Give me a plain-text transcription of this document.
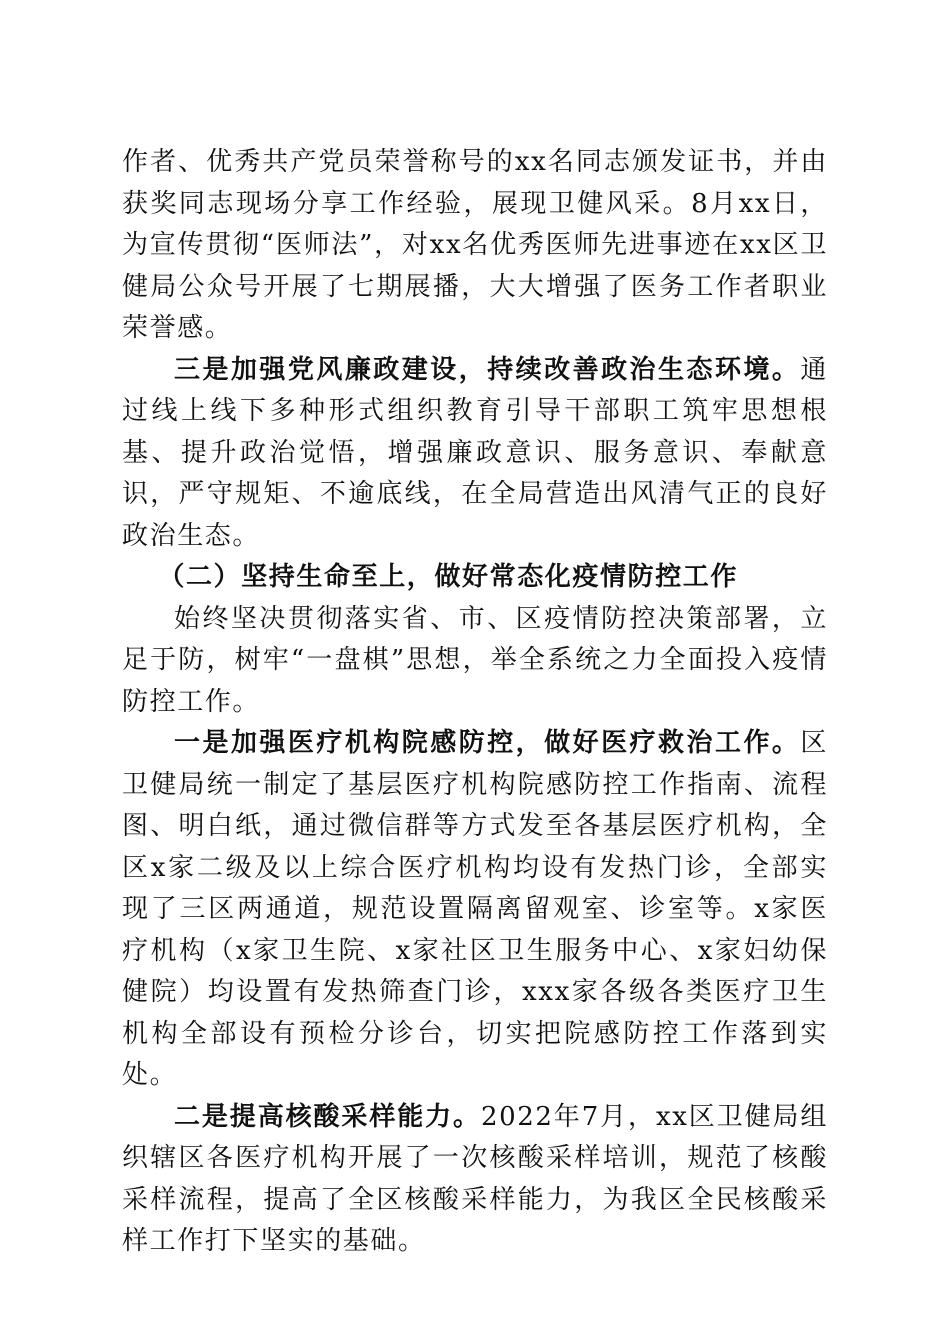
作者、优秀共产党员荣誉称号的xx名同志颁发证书，并由获奖同志现场分享工作经验，展现卫健风采。8月xx日，为宣传贯彻“医师法”，对xx名优秀医师先进事迹在xx区卫健局公众号开展了七期展播，大大增强了医务工作者职业荣誉感。

三是加强党风廉政建设，持续改善政治生态环境。通过线上线下多种形式组织教育引导干部职工筑牢思想根基、提升政治觉悟，增强廉政意识、服务意识、奉献意识，严守规矩、不逾底线，在全局营造出风清气正的良好政治生态。

（二）坚持生命至上，做好常态化疫情防控工作

始终坚决贯彻落实省、市、区疫情防控决策部署，立足于防，树牢“一盘棋”思想，举全系统之力全面投入疫情防控工作。

一是加强医疗机构院感防控，做好医疗救治工作。区卫健局统一制定了基层医疗机构院感防控工作指南、流程图、明白纸，通过微信群等方式发至各基层医疗机构，全区x家二级及以上综合医疗机构均设有发热门诊，全部实现了三区两通道，规范设置隔离留观室、诊室等。x家医疗机构（x家卫生院、x家社区卫生服务中心、x家妇幼保健院）均设置有发热筛查门诊，xxx家各级各类医疗卫生机构全部设有预检分诊台，切实把院感防控工作落到实处。

二是提高核酸采样能力。2022年7月，xx区卫健局组织辖区各医疗机构开展了一次核酸采样培训，规范了核酸采样流程，提高了全区核酸采样能力，为我区全民核酸采样工作打下坚实的基础。
